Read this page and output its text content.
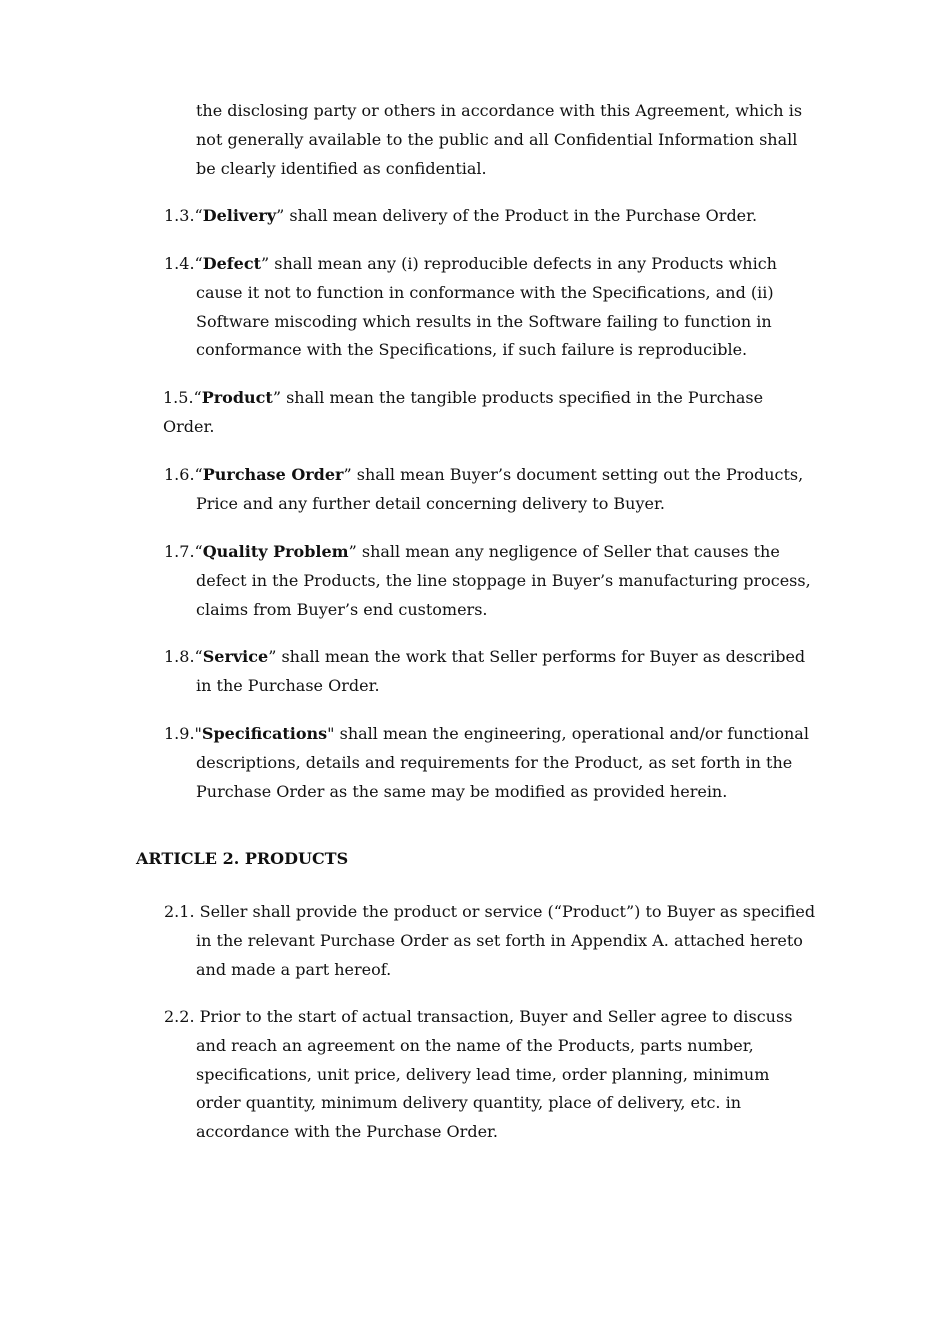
the disclosing party or others in accordance with this Agreement, which is not generally available to the public and all Confidential Information shall be clearly identified as confidential.

1.3.“Delivery” shall mean delivery of the Product in the Purchase Order.

1.4.“Defect” shall mean any (i) reproducible defects in any Products which cause it not to function in conformance with the Specifications, and (ii) Software miscoding which results in the Software failing to function in conformance with the Specifications, if such failure is reproducible.

1.5.“Product” shall mean the tangible products specified in the Purchase Order.

1.6.“Purchase Order” shall mean Buyer’s document setting out the Products, Price and any further detail concerning delivery to Buyer.

1.7.“Quality Problem” shall mean any negligence of Seller that causes the defect in the Products, the line stoppage in Buyer’s manufacturing process, claims from Buyer’s end customers.

1.8.“Service” shall mean the work that Seller performs for Buyer as described in the Purchase Order.

1.9."Specifications" shall mean the engineering, operational and/or functional descriptions, details and requirements for the Product, as set forth in the Purchase Order as the same may be modified as provided herein.

ARTICLE 2. PRODUCTS

2.1. Seller shall provide the product or service (“Product”) to Buyer as specified in the relevant Purchase Order as set forth in Appendix A. attached hereto and made a part hereof.

2.2. Prior to the start of actual transaction, Buyer and Seller agree to discuss and reach an agreement on the name of the Products, parts number, specifications, unit price, delivery lead time, order planning, minimum order quantity, minimum delivery quantity, place of delivery, etc. in accordance with the Purchase Order.
